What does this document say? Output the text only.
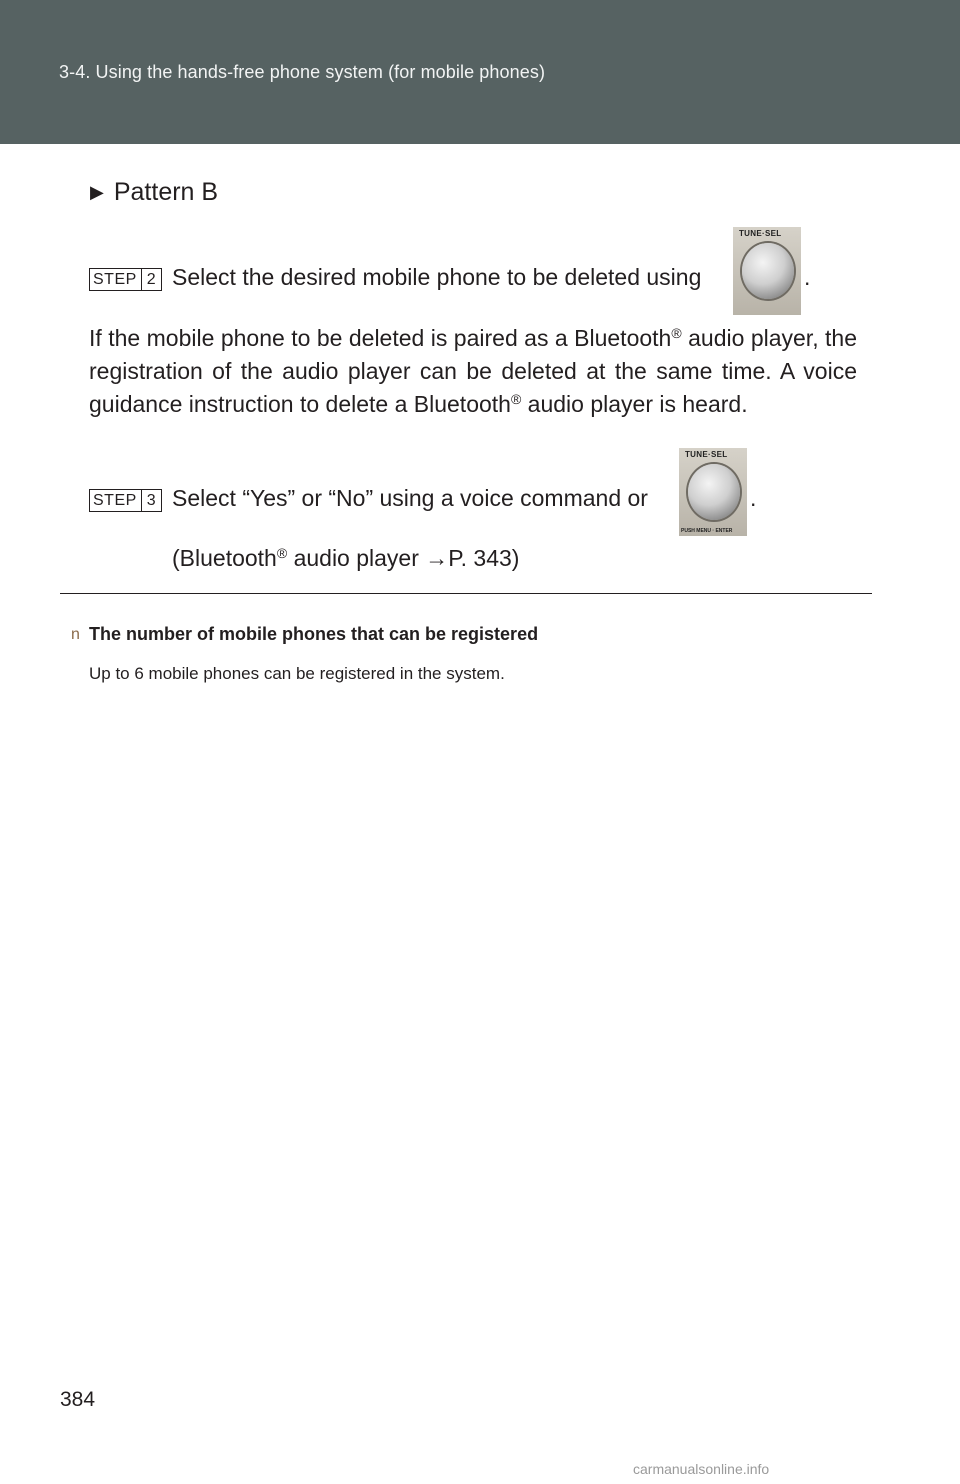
3-4. Using the hands-free phone system (for mobile phones)
▶ Pattern B
STEP 2 Select the desired mobile phone to be deleted using
TUNE·SEL
.

If the mobile phone to be deleted is paired as a Bluetooth® audio player, the registration of the audio player can be deleted at the same time. A voice guidance instruction to delete a Bluetooth® audio player is heard.

STEP 3 Select “Yes” or “No” using a voice command or
TUNE·SEL
PUSH MENU · ENTER
.
(Bluetooth® audio player →P. 343)
n The number of mobile phones that can be registered
Up to 6 mobile phones can be registered in the system.
384
carmanualsonline.info
